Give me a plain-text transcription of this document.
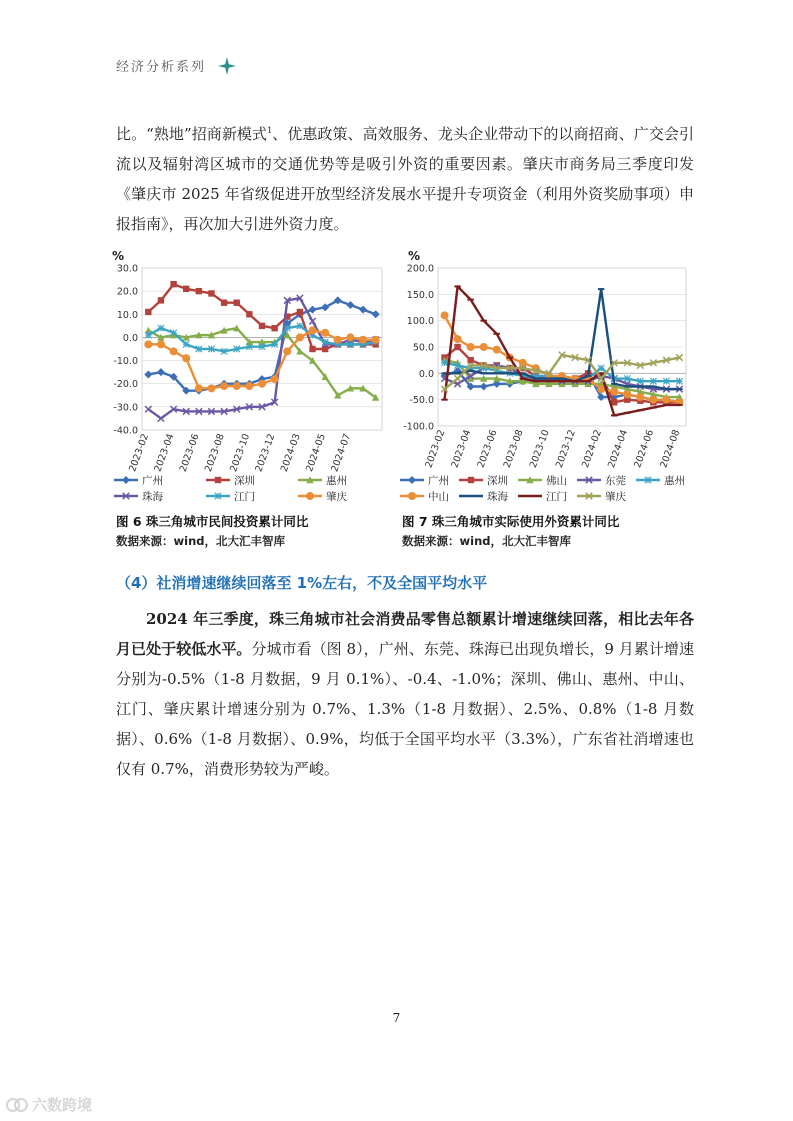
经济分析系列
比。“熟地”招商新模式$^1$、优惠政策、高效服务、龙头企业带动下的以商招商、广交会引流以及辐射湾区城市的交通优势等是吸引外资的重要因素。肇庆市商务局三季度印发《肇庆市 2025 年省级促进开放型经济发展水平提升专项资金（利用外资奖励事项）申报指南》，再次加大引进外资力度。
%
30.0
20.0
10.0
0.0
-10.0
-20.0
-30.0
-40.0
2023-02 2023-04 2023-06 2023-08 2023-10 2023-12 2024-03 2024-05 2024-07
广州	深圳	惠州
珠海	江门	肇庆
图 6 珠三角城市民间投资累计同比
数据来源：wind，北大汇丰智库
%
200.0
150.0
100.0
50.0
0.0
-50.0
-100.0
2023-02 2023-04 2023-06 2023-08 2023-10 2023-12 2024-02 2024-04 2024-06 2024-08
广州	深圳	佛山	东莞	惠州
中山	珠海	江门	肇庆
图 7 珠三角城市实际使用外资累计同比
数据来源：wind，北大汇丰智库
（4）社消增速继续回落至 1%左右，不及全国平均水平
2024 年三季度，珠三角城市社会消费品零售总额累计增速继续回落，相比去年各月已处于较低水平。分城市看（图 8），广州、东莞、珠海已出现负增长，9 月累计增速分别为-0.5%（1-8 月数据，9 月 0.1%）、-0.4、-1.0%；深圳、佛山、惠州、中山、江门、肇庆累计增速分别为 0.7%、1.3%（1-8 月数据）、2.5%、0.8%（1-8 月数据）、0.6%（1-8 月数据）、0.9%，均低于全国平均水平（3.3%），广东省社消增速也仅有 0.7%，消费形势较为严峻。
7
六数跨境
